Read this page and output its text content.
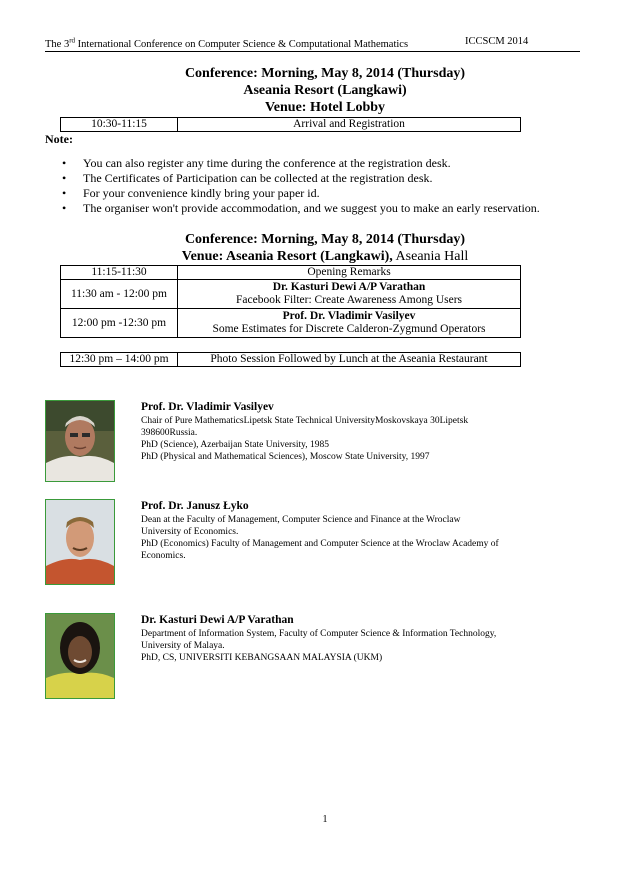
The 3rd International Conference on Computer Science & Computational Mathematics	ICCSCM 2014
Conference: Morning, May 8, 2014 (Thursday)
Aseania Resort (Langkawi)
Venue: Hotel Lobby
10:30-11:15	Arrival and Registration
Note:
• You can also register any time during the conference at the registration desk.
• The Certificates of Participation can be collected at the registration desk.
• For your convenience kindly bring your paper id.
• The organiser won't provide accommodation, and we suggest you to make an early reservation.
Conference: Morning, May 8, 2014 (Thursday)
Venue: Aseania Resort (Langkawi), Aseania Hall
11:15-11:30	Opening Remarks
11:30 am - 12:00 pm	Dr. Kasturi Dewi A/P Varathan
Facebook Filter: Create Awareness Among Users

12:00 pm -12:30 pm	Prof. Dr. Vladimir Vasilyev
Some Estimates for Discrete Calderon-Zygmund Operators
12:30 pm – 14:00 pm	Photo Session Followed by Lunch at the Aseania Restaurant
Prof. Dr. Vladimir Vasilyev
Chair of Pure MathematicsLipetsk State Technical UniversityMoskovskaya 30Lipetsk 398600Russia.
PhD (Science), Azerbaijan State University, 1985
PhD (Physical and Mathematical Sciences), Moscow State University, 1997
Prof. Dr. Janusz Łyko
Dean at the Faculty of Management, Computer Science and Finance at the Wroclaw University of Economics.
PhD (Economics) Faculty of Management and Computer Science at the Wroclaw Academy of Economics.
Dr. Kasturi Dewi A/P Varathan
Department of Information System, Faculty of Computer Science & Information Technology, University of Malaya.
PhD, CS, UNIVERSITI KEBANGSAAN MALAYSIA (UKM)
1
